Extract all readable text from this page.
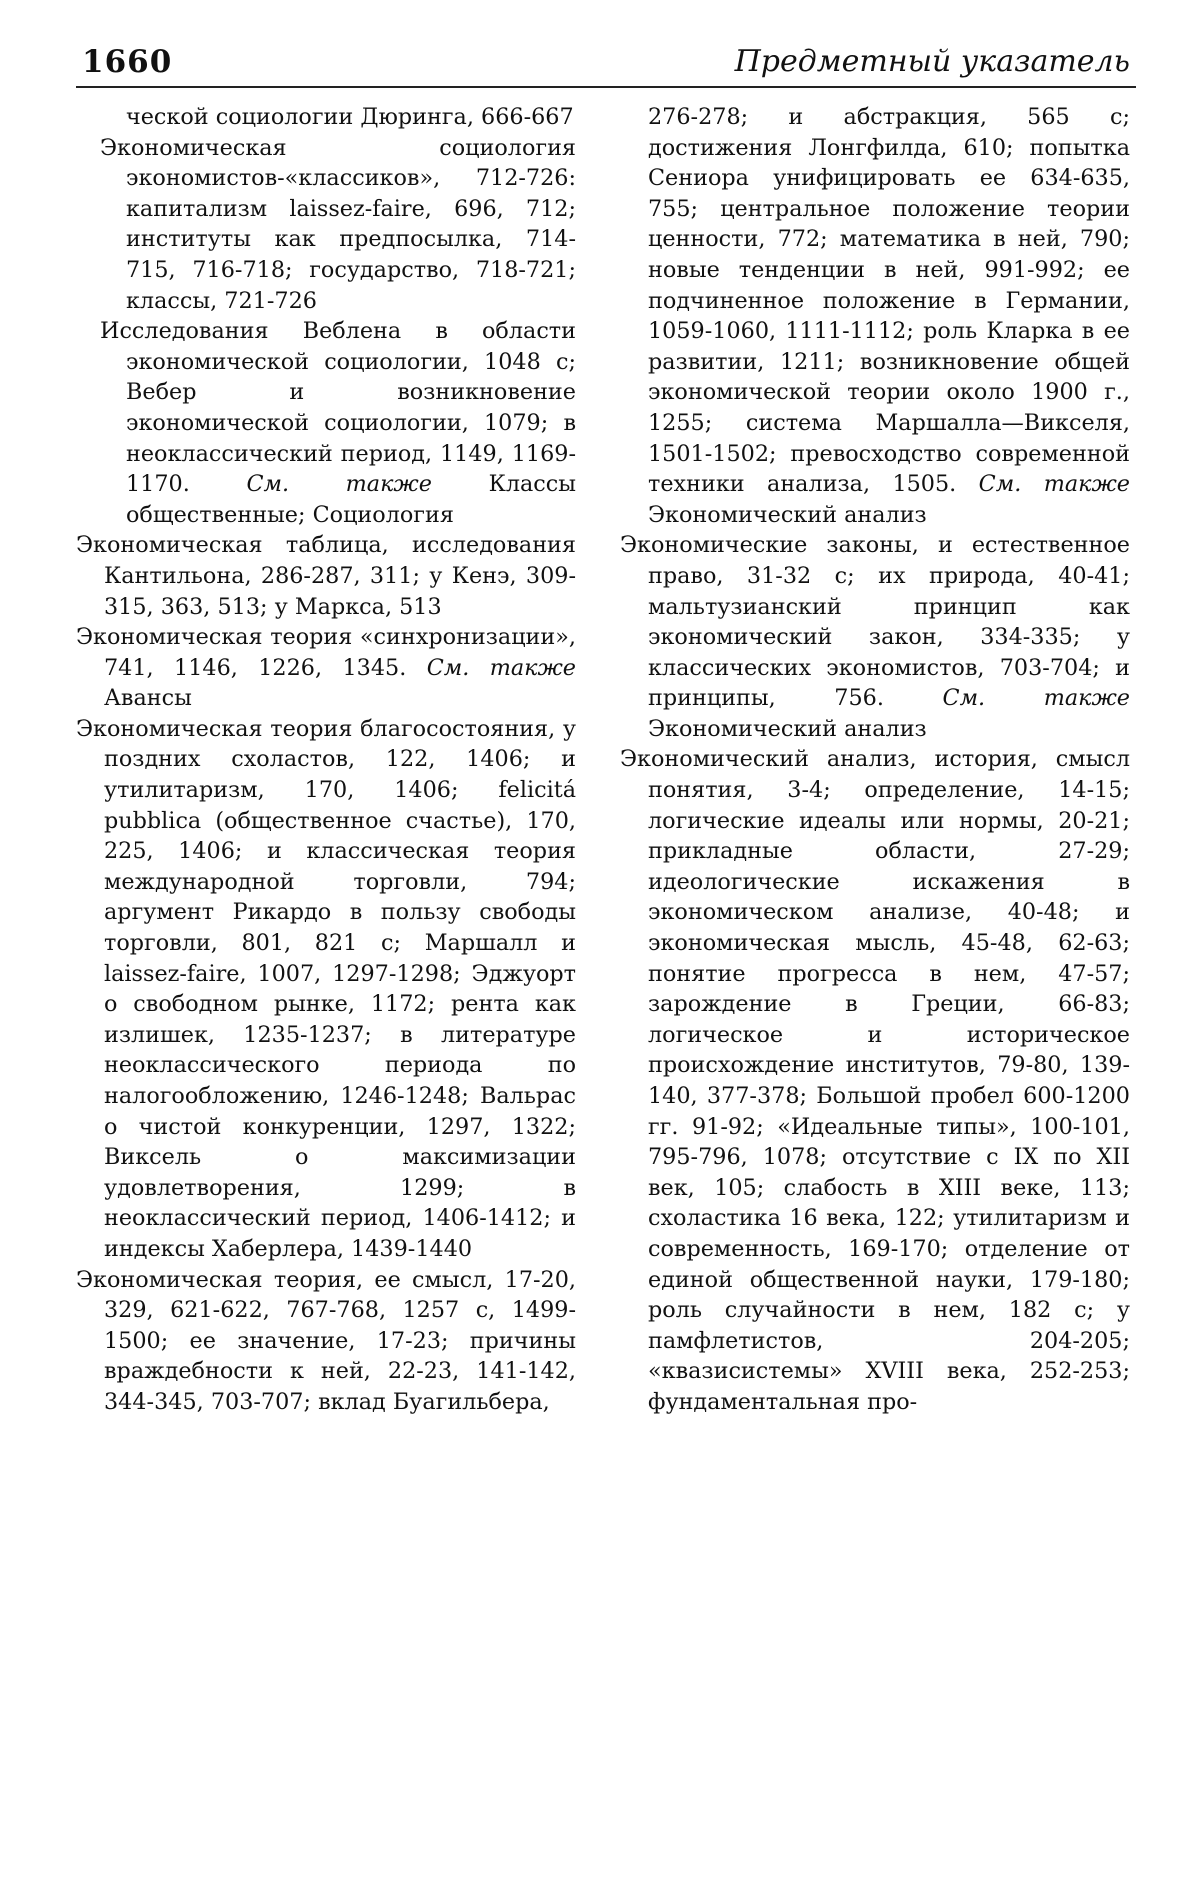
1660	Предметный указатель

ческой социологии Дюринга, 666-667

Экономическая социология экономистов-«классиков», 712-726: капитализм laissez-faire, 696, 712; институты как предпосылка, 714-715, 716-718; государство, 718-721; классы, 721-726

Исследования Веблена в области экономической социологии, 1048 с; Вебер и возникновение экономической социологии, 1079; в неоклассический период, 1149, 1169-1170. См. также Классы общественные; Социология

Экономическая таблица, исследования Кантильона, 286-287, 311; у Кенэ, 309-315, 363, 513; у Маркса, 513

Экономическая теория «синхронизации», 741, 1146, 1226, 1345. См. также Авансы

Экономическая теория благосостояния, у поздних схоластов, 122, 1406; и утилитаризм, 170, 1406; felicitá pubblica (общественное счастье), 170, 225, 1406; и классическая теория международной торговли, 794; аргумент Рикардо в пользу свободы торговли, 801, 821 с; Маршалл и laissez-faire, 1007, 1297-1298; Эджуорт о свободном рынке, 1172; рента как излишек, 1235-1237; в литературе неоклассического периода по налогообложению, 1246-1248; Вальрас о чистой конкуренции, 1297, 1322; Виксель о максимизации удовлетворения, 1299; в неоклассический период, 1406-1412; и индексы Хаберлера, 1439-1440

Экономическая теория, ее смысл, 17-20, 329, 621-622, 767-768, 1257 с, 1499-1500; ее значение, 17-23; причины враждебности к ней, 22-23, 141-142, 344-345, 703-707; вклад Буагильбера,

276-278; и абстракция, 565 с; достижения Лонгфилда, 610; попытка Сениора унифицировать ее 634-635, 755; центральное положение теории ценности, 772; математика в ней, 790; новые тенденции в ней, 991-992; ее подчиненное положение в Германии, 1059-1060, 1111-1112; роль Кларка в ее развитии, 1211; возникновение общей экономической теории около 1900 г., 1255; система Маршалла—Викселя, 1501-1502; превосходство современной техники анализа, 1505. См. также Экономический анализ

Экономические законы, и естественное право, 31-32 с; их природа, 40-41; мальтузианский принцип как экономический закон, 334-335; у классических экономистов, 703-704; и принципы, 756. См. также Экономический анализ

Экономический анализ, история, смысл понятия, 3-4; определение, 14-15; логические идеалы или нормы, 20-21; прикладные области, 27-29; идеологические искажения в экономическом анализе, 40-48; и экономическая мысль, 45-48, 62-63; понятие прогресса в нем, 47-57; зарождение в Греции, 66-83; логическое и историческое происхождение институтов, 79-80, 139-140, 377-378; Большой пробел 600-1200 гг. 91-92; «Идеальные типы», 100-101, 795-796, 1078; отсутствие с IX по XII век, 105; слабость в XIII веке, 113; схоластика 16 века, 122; утилитаризм и современность, 169-170; отделение от единой общественной науки, 179-180; роль случайности в нем, 182 с; у памфлетистов, 204-205; «квазисистемы» XVIII века, 252-253; фундаментальная про-
